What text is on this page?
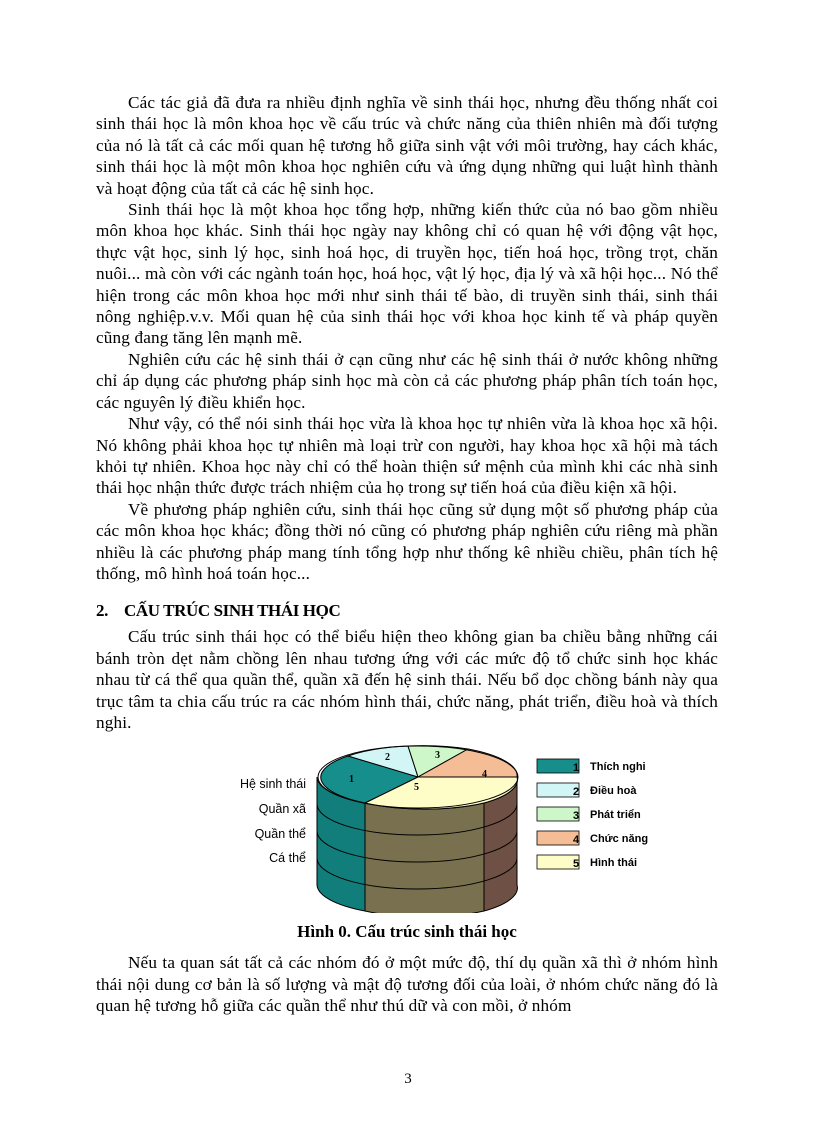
Các tác giả đã đưa ra nhiều định nghĩa về sinh thái học, nhưng đều thống nhất coi sinh thái học là môn khoa học về cấu trúc và chức năng của thiên nhiên mà đối tượng của nó là tất cả các mối quan hệ tương hỗ giữa sinh vật với môi trường, hay cách khác, sinh thái học là một môn khoa học nghiên cứu và ứng dụng những qui luật hình thành và hoạt động của tất cả các hệ sinh học.

Sinh thái học là một khoa học tổng hợp, những kiến thức của nó bao gồm nhiều môn khoa học khác. Sinh thái học ngày nay không chỉ có quan hệ với động vật học, thực vật học, sinh lý học, sinh hoá học, di truyền học, tiến hoá học, trồng trọt, chăn nuôi... mà còn với các ngành toán học, hoá học, vật lý học, địa lý và xã hội học... Nó thể hiện trong các môn khoa học mới như sinh thái tế bào, di truyền sinh thái, sinh thái nông nghiệp.v.v. Mối quan hệ của sinh thái học với khoa học kinh tế và pháp quyền cũng đang tăng lên mạnh mẽ.

Nghiên cứu các hệ sinh thái ở cạn cũng như các hệ sinh thái ở nước không những chỉ áp dụng các phương pháp sinh học mà còn cả các phương pháp phân tích toán học, các nguyên lý điều khiển học.

Như vậy, có thể nói sinh thái học vừa là khoa học tự nhiên vừa là khoa học xã hội. Nó không phải khoa học tự nhiên mà loại trừ con người, hay khoa học xã hội mà tách khỏi tự nhiên. Khoa học này chỉ có thể hoàn thiện sứ mệnh của mình khi các nhà sinh thái học nhận thức được trách nhiệm của họ trong sự tiến hoá của điều kiện xã hội.

Về phương pháp nghiên cứu, sinh thái học cũng sử dụng một số phương pháp của các môn khoa học khác; đồng thời nó cũng có phương pháp nghiên cứu riêng mà phần nhiều là các phương pháp mang tính tổng hợp như thống kê nhiều chiều, phân tích hệ thống, mô hình hoá toán học...

2. CẤU TRÚC SINH THÁI HỌC

Cấu trúc sinh thái học có thể biểu hiện theo không gian ba chiều bằng những cái bánh tròn dẹt nằm chồng lên nhau tương ứng với các mức độ tổ chức sinh học khác nhau từ cá thể qua quần thể, quần xã đến hệ sinh thái. Nếu bổ dọc chồng bánh này qua trục tâm ta chia cấu trúc ra các nhóm hình thái, chức năng, phát triển, điều hoà và thích nghi.

1
2	3
4
5
Hệ sinh thái
Quần xã
Quần thể
Cá thể
1 Thích nghi
2 Điều hoà
3 Phát triển
4 Chức năng
5 Hình thái
Hình 0. Cấu trúc sinh thái học

Nếu ta quan sát tất cả các nhóm đó ở một mức độ, thí dụ quần xã thì ở nhóm hình thái nội dung cơ bản là số lượng và mật độ tương đối của loài, ở nhóm chức năng đó là quan hệ tương hỗ giữa các quần thể như thú dữ và con mồi, ở nhóm

3
